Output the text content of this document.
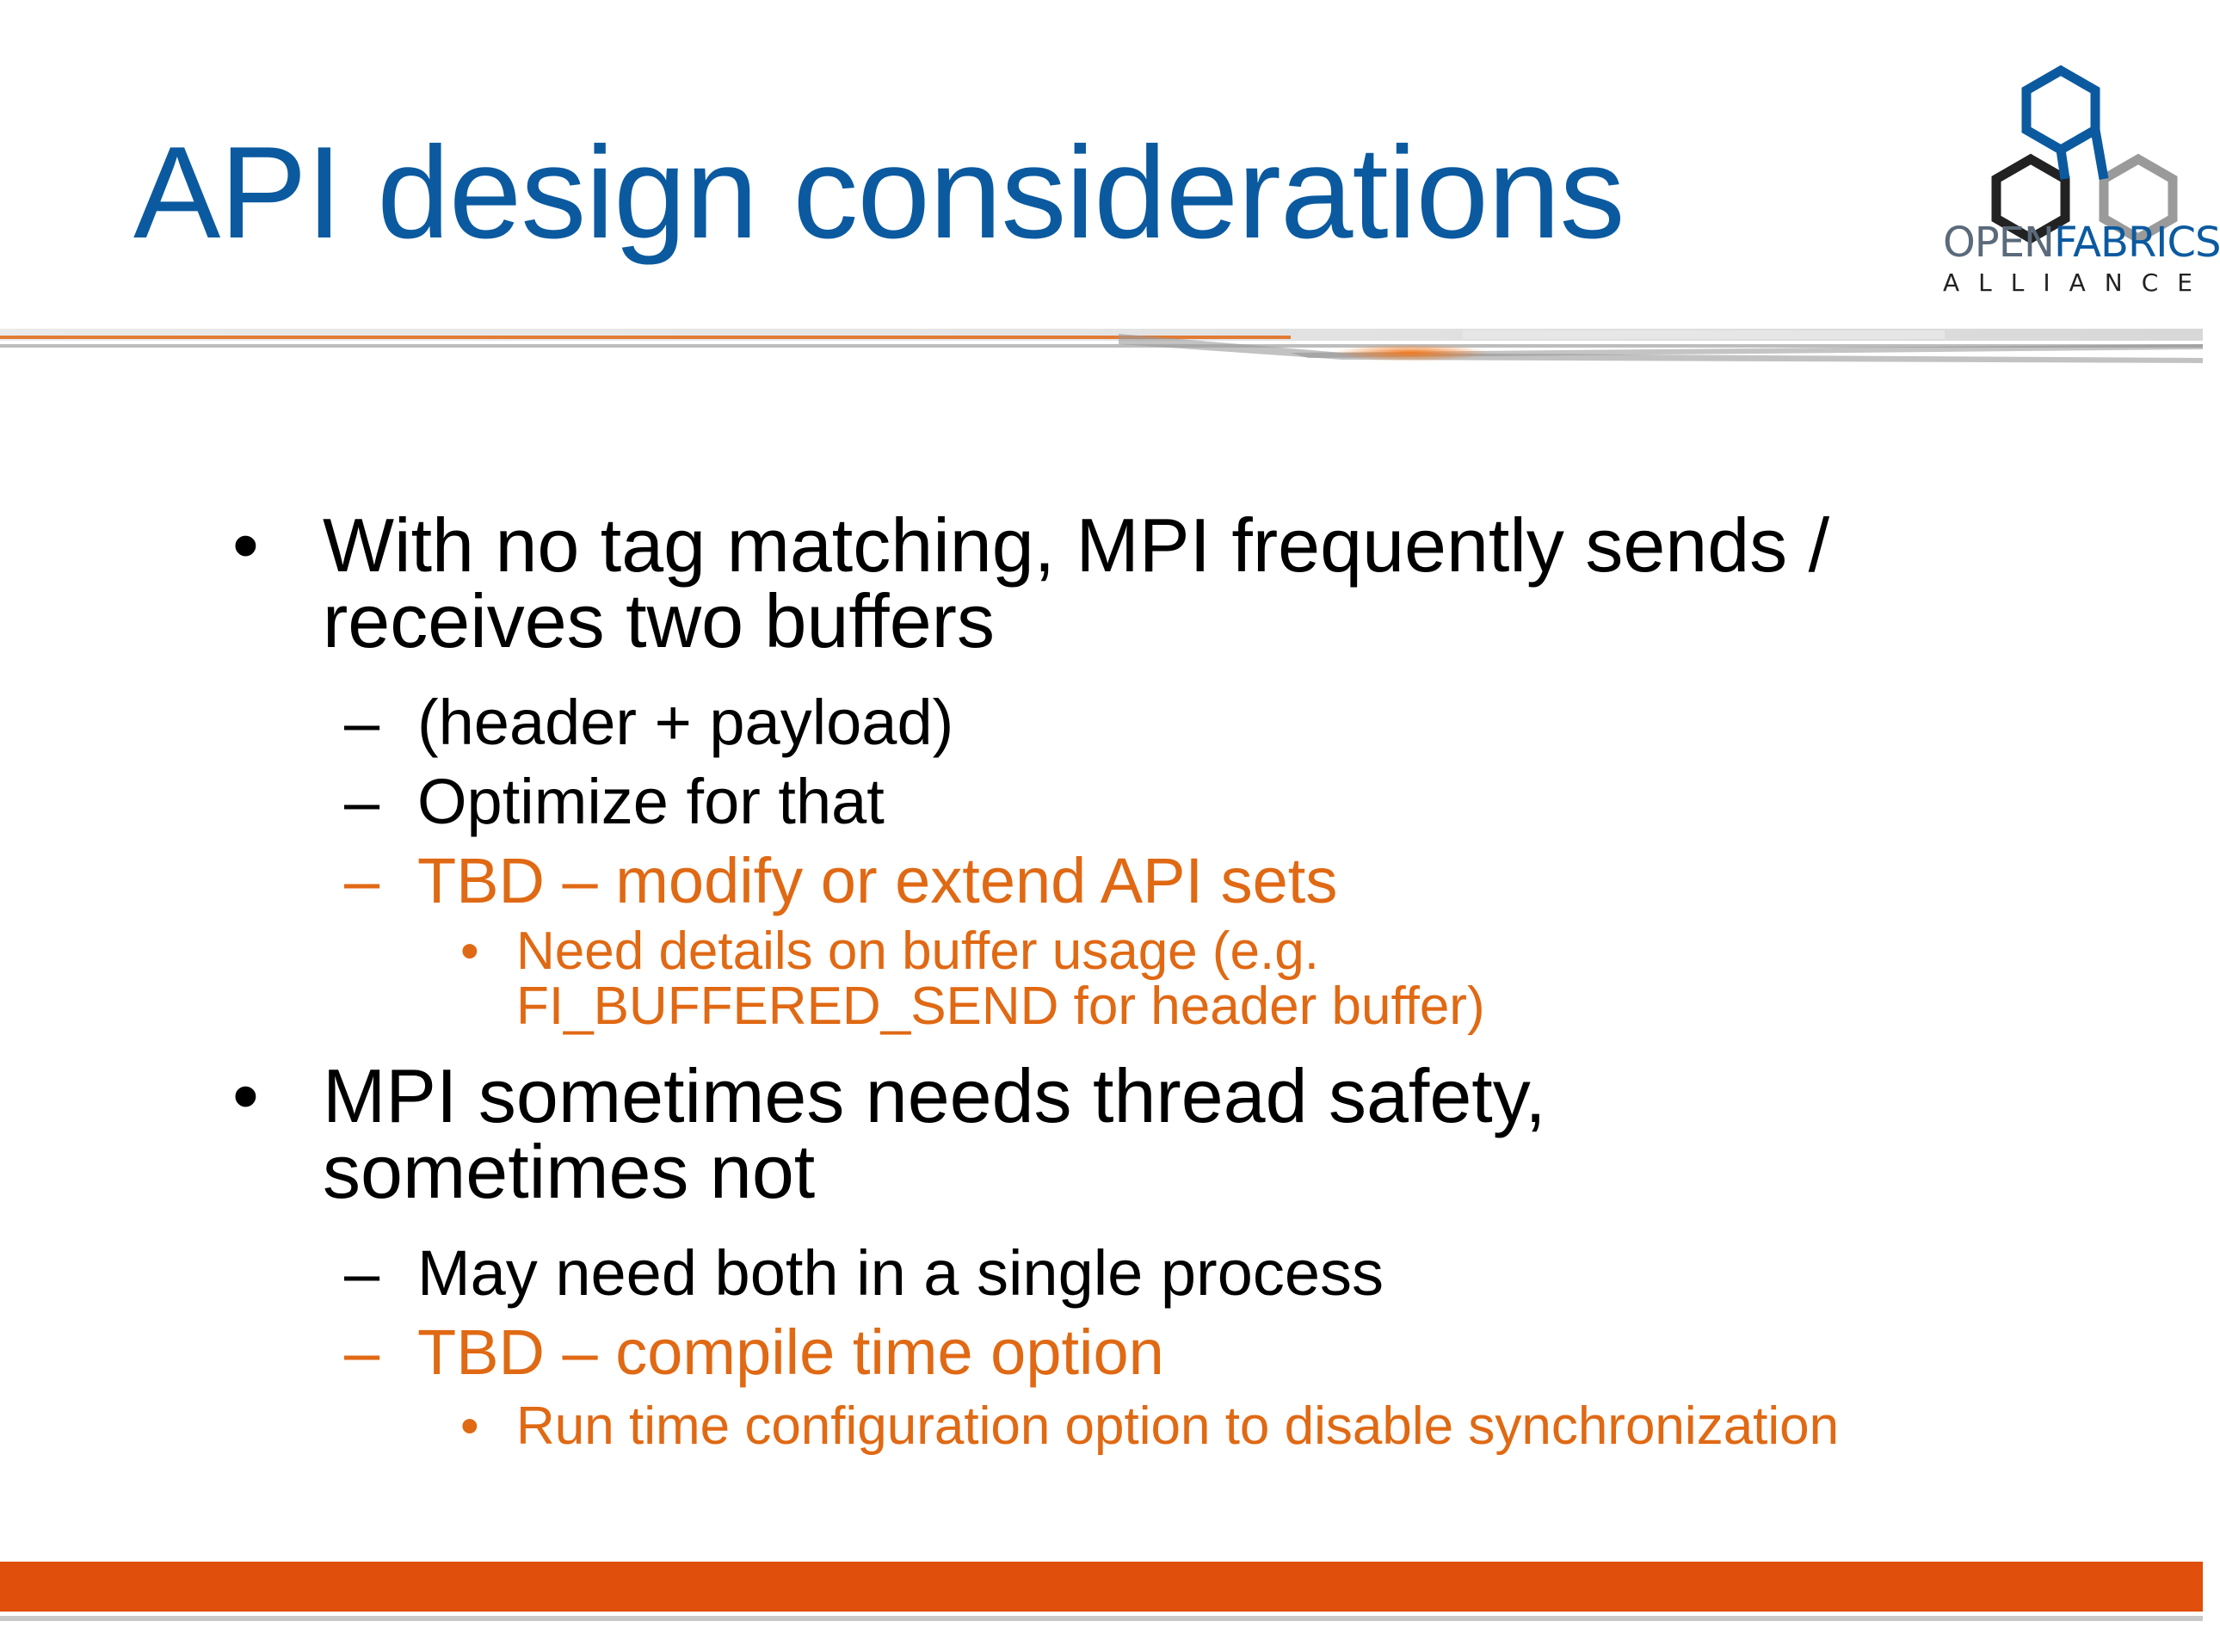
API design considerations	OPENFABRICS
ALLIANCE
• With no tag matching, MPI frequently sends /
receives two buffers
– (header + payload)
– Optimize for that
– TBD – modify or extend API sets
• Need details on buffer usage (e.g.
FI_BUFFERED_SEND for header buffer)
• MPI sometimes needs thread safety,
sometimes not
– May need both in a single process
– TBD – compile time option
• Run time configuration option to disable synchronization
